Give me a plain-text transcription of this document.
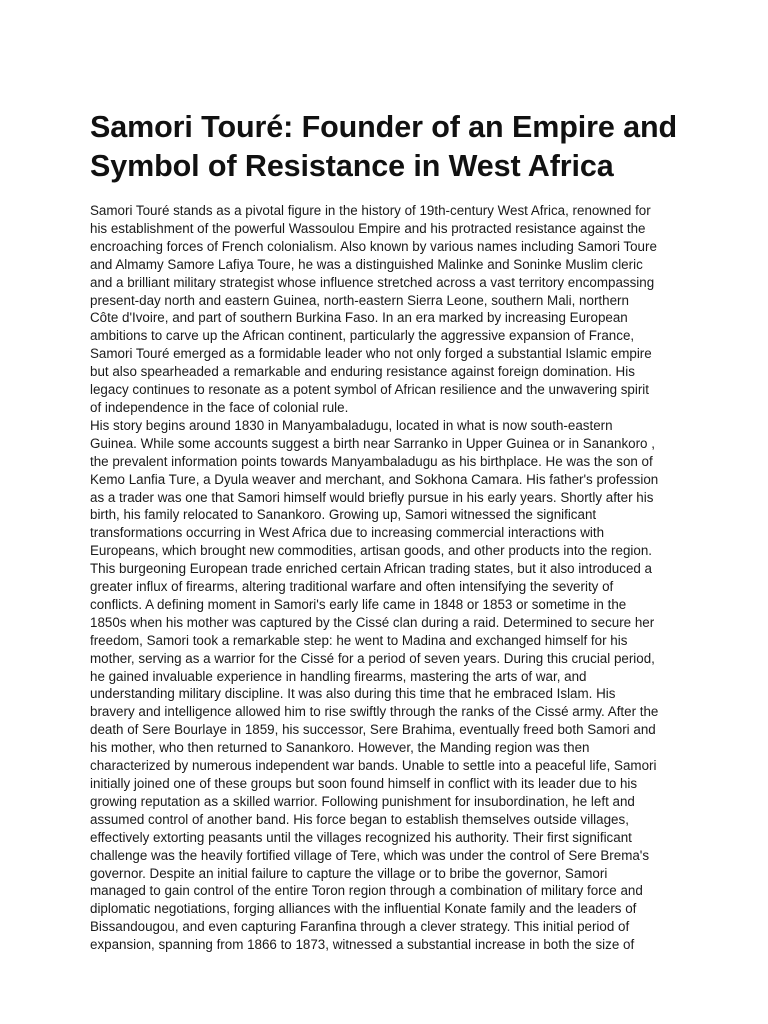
Samori Touré: Founder of an Empire and
Symbol of Resistance in West Africa
Samori Touré stands as a pivotal figure in the history of 19th-century West Africa, renowned for
his establishment of the powerful Wassoulou Empire and his protracted resistance against the
encroaching forces of French colonialism. Also known by various names including Samori Toure
and Almamy Samore Lafiya Toure, he was a distinguished Malinke and Soninke Muslim cleric
and a brilliant military strategist whose influence stretched across a vast territory encompassing
present-day north and eastern Guinea, north-eastern Sierra Leone, southern Mali, northern
Côte d'Ivoire, and part of southern Burkina Faso. In an era marked by increasing European
ambitions to carve up the African continent, particularly the aggressive expansion of France,
Samori Touré emerged as a formidable leader who not only forged a substantial Islamic empire
but also spearheaded a remarkable and enduring resistance against foreign domination. His
legacy continues to resonate as a potent symbol of African resilience and the unwavering spirit
of independence in the face of colonial rule.
His story begins around 1830 in Manyambaladugu, located in what is now south-eastern
Guinea. While some accounts suggest a birth near Sarranko in Upper Guinea or in Sanankoro ,
the prevalent information points towards Manyambaladugu as his birthplace. He was the son of
Kemo Lanfia Ture, a Dyula weaver and merchant, and Sokhona Camara. His father's profession
as a trader was one that Samori himself would briefly pursue in his early years. Shortly after his
birth, his family relocated to Sanankoro. Growing up, Samori witnessed the significant
transformations occurring in West Africa due to increasing commercial interactions with
Europeans, which brought new commodities, artisan goods, and other products into the region.
This burgeoning European trade enriched certain African trading states, but it also introduced a
greater influx of firearms, altering traditional warfare and often intensifying the severity of
conflicts. A defining moment in Samori's early life came in 1848 or 1853 or sometime in the
1850s when his mother was captured by the Cissé clan during a raid. Determined to secure her
freedom, Samori took a remarkable step: he went to Madina and exchanged himself for his
mother, serving as a warrior for the Cissé for a period of seven years. During this crucial period,
he gained invaluable experience in handling firearms, mastering the arts of war, and
understanding military discipline. It was also during this time that he embraced Islam. His
bravery and intelligence allowed him to rise swiftly through the ranks of the Cissé army. After the
death of Sere Bourlaye in 1859, his successor, Sere Brahima, eventually freed both Samori and
his mother, who then returned to Sanankoro. However, the Manding region was then
characterized by numerous independent war bands. Unable to settle into a peaceful life, Samori
initially joined one of these groups but soon found himself in conflict with its leader due to his
growing reputation as a skilled warrior. Following punishment for insubordination, he left and
assumed control of another band. His force began to establish themselves outside villages,
effectively extorting peasants until the villages recognized his authority. Their first significant
challenge was the heavily fortified village of Tere, which was under the control of Sere Brema's
governor. Despite an initial failure to capture the village or to bribe the governor, Samori
managed to gain control of the entire Toron region through a combination of military force and
diplomatic negotiations, forging alliances with the influential Konate family and the leaders of
Bissandougou, and even capturing Faranfina through a clever strategy. This initial period of
expansion, spanning from 1866 to 1873, witnessed a substantial increase in both the size of
